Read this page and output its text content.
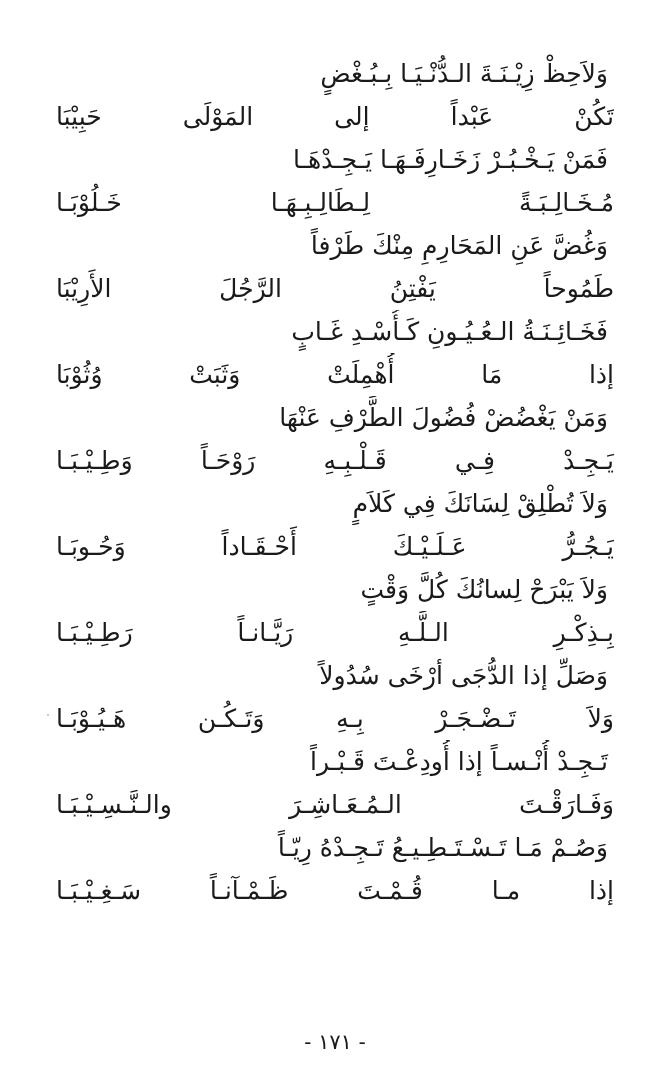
وَلاَحِظْ زِيْـنَـةَ الـدُّنْـيَـا بِـبُـغْضٍ
تَكُنْ عَبْداً إلى المَوْلَى حَبِيْبَا
فَمَنْ يَـخْـبُـرْ زَخَـارِفَـهَـا يَـجِـدْهَـا
مُـخَـالِـبَـةً لِـطَالِـبِـهَـا خَـلُوْبَـا
وَغُضَّ عَنِ المَحَارِمِ مِنْكَ طَرْفاً
طَمُوحاً يَفْتِنُ الرَّجُلَ الأَرِيْبَا
فَخَـائِـنَـةُ الـعُـيُـونِ كَـأُسْـدِ غَـابٍ
إذا مَا أُهْمِلَتْ وَثَبَتْ وُثُوْبَا
وَمَنْ يَغْضُضْ فُضُولَ الطَّرْفِ عَنْهَا
يَـجِـدْ فِـي قَـلْـبِـهِ رَوْحَـاً وَطِـيْـبَـا
وَلاَ تُطْلِقْ لِسَانَكَ فِي كَلاَمٍ
يَـجُـرُّ عَـلَـيْـكَ أَحْـقَـاداً وَحُـوبَـا
وَلاَ يَبْرَحْ لِسانُكَ كُلَّ وَقْتٍ
بِـذِكْـرِ الـلَّـهِ رَيَّـانـاً رَطِـيْـبَـا
وَصَلِّ إذا الدُّجَى أرْخَى سُدُولاً
وَلاَ تَـضْـجَـرْ بِـهِ وَتَـكُـن هَـيُـوْبَـا
تَـجِـدْ أُنْـسـاً إذا أُودِعْـتَ قَـبْـراً
وَفَـارَقْـتَ الـمُـعَـاشِـرَ والـنَّـسِـيْـبَـا
وَصُـمْ مَـا تَـسْـتَـطِـيـعُ تَـجِـدْهُ رِيّـاً
إذا مـا قُـمْـتَ ظَـمْـآنـاً سَـغِـيْـبَـا
- ١٧١ -
